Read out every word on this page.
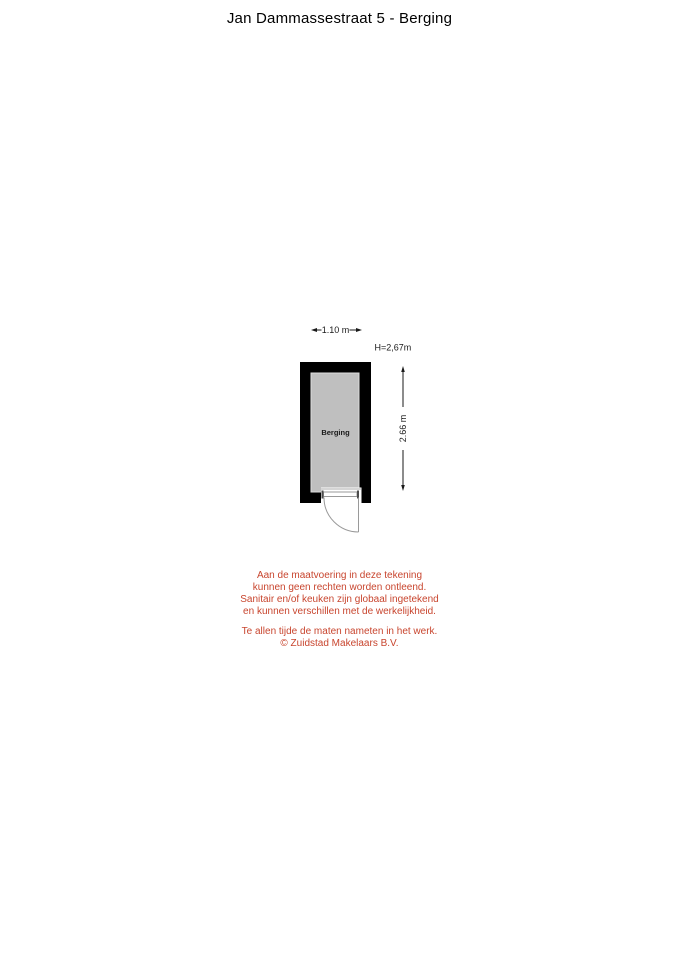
Jan Dammassestraat 5 - Berging
1.10 m
H=2,67m
Berging	2.66 m

Aan de maatvoering in deze tekening
kunnen geen rechten worden ontleend.
Sanitair en/of keuken zijn globaal ingetekend
en kunnen verschillen met de werkelijkheid.

Te allen tijde de maten nameten in het werk.
© Zuidstad Makelaars B.V.
